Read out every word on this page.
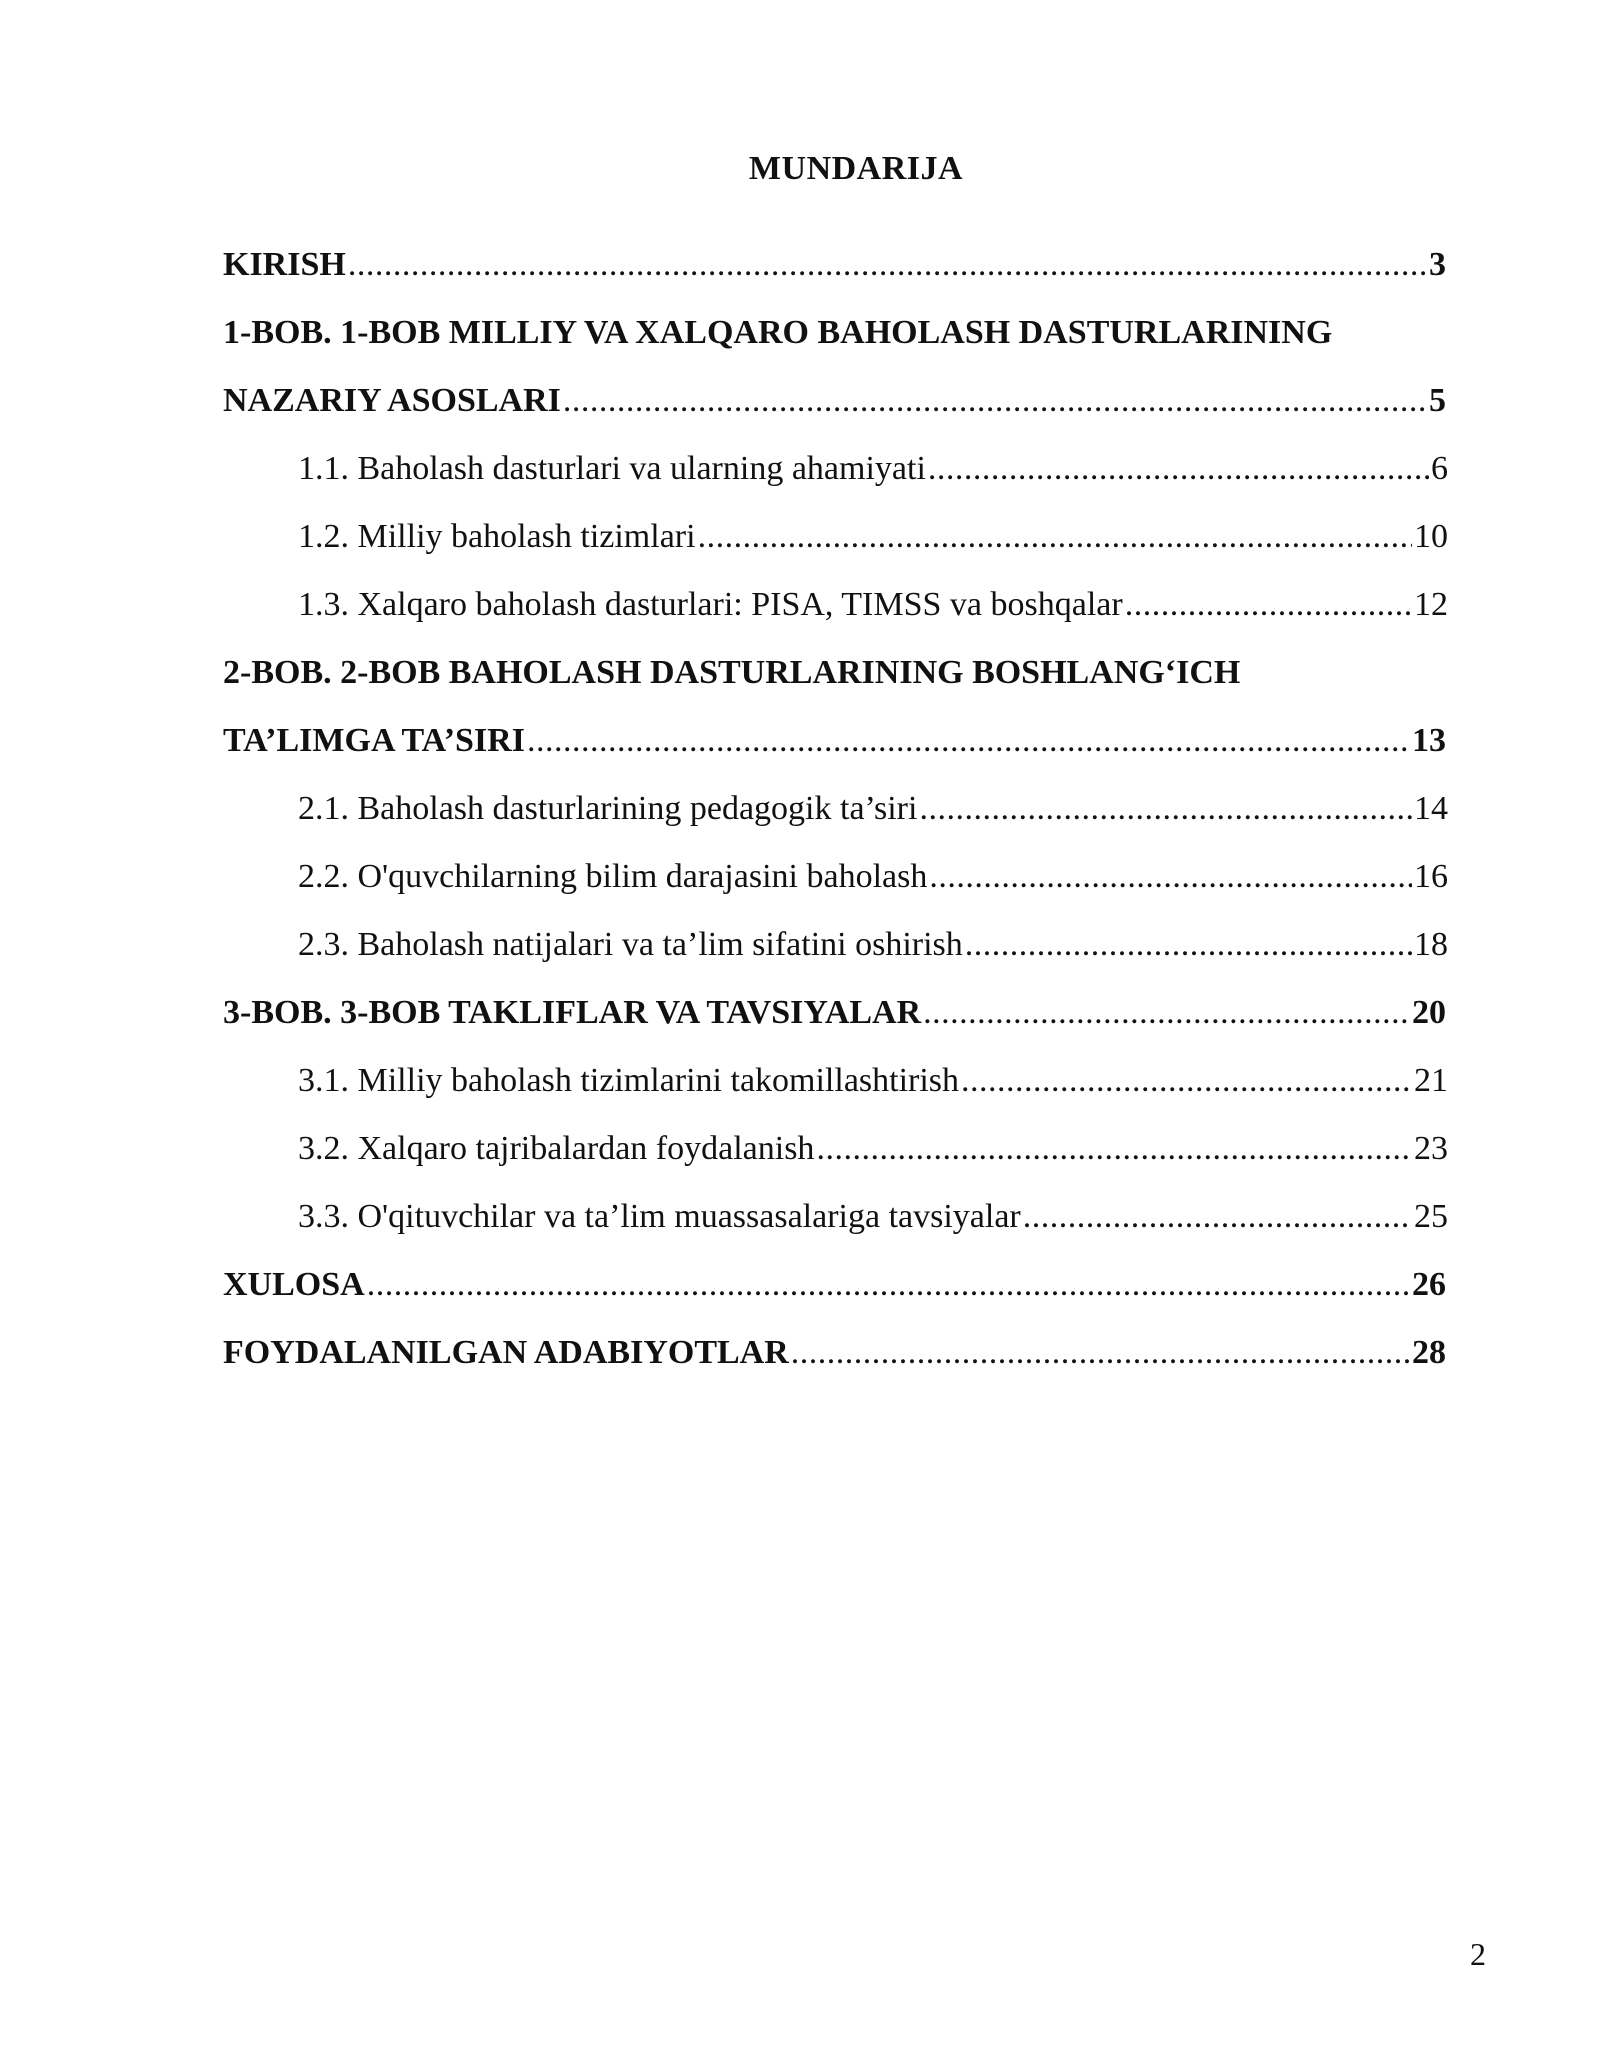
MUNDARIJA
KIRISH .....	3
1-BOB. 1-BOB MILLIY VA XALQARO BAHOLASH DASTURLARINING
NAZARIY ASOSLARI .....	5
1.1. Baholash dasturlari va ularning ahamiyati .....	6
1.2. Milliy baholash tizimlari .....	10
1.3. Xalqaro baholash dasturlari: PISA, TIMSS va boshqalar .....	12
2-BOB. 2-BOB BAHOLASH DASTURLARINING BOSHLANG‘ICH
TA’LIMGA TA’SIRI .....	13
2.1. Baholash dasturlarining pedagogik ta’siri .....	14
2.2. O'quvchilarning bilim darajasini baholash .....	16
2.3. Baholash natijalari va ta’lim sifatini oshirish .....	18
3-BOB. 3-BOB TAKLIFLAR VA TAVSIYALAR .....	20
3.1. Milliy baholash tizimlarini takomillashtirish .....	21
3.2. Xalqaro tajribalardan foydalanish .....	23
3.3. O'qituvchilar va ta’lim muassasalariga tavsiyalar .....	25
XULOSA .....	26
FOYDALANILGAN ADABIYOTLAR .....	28
2
